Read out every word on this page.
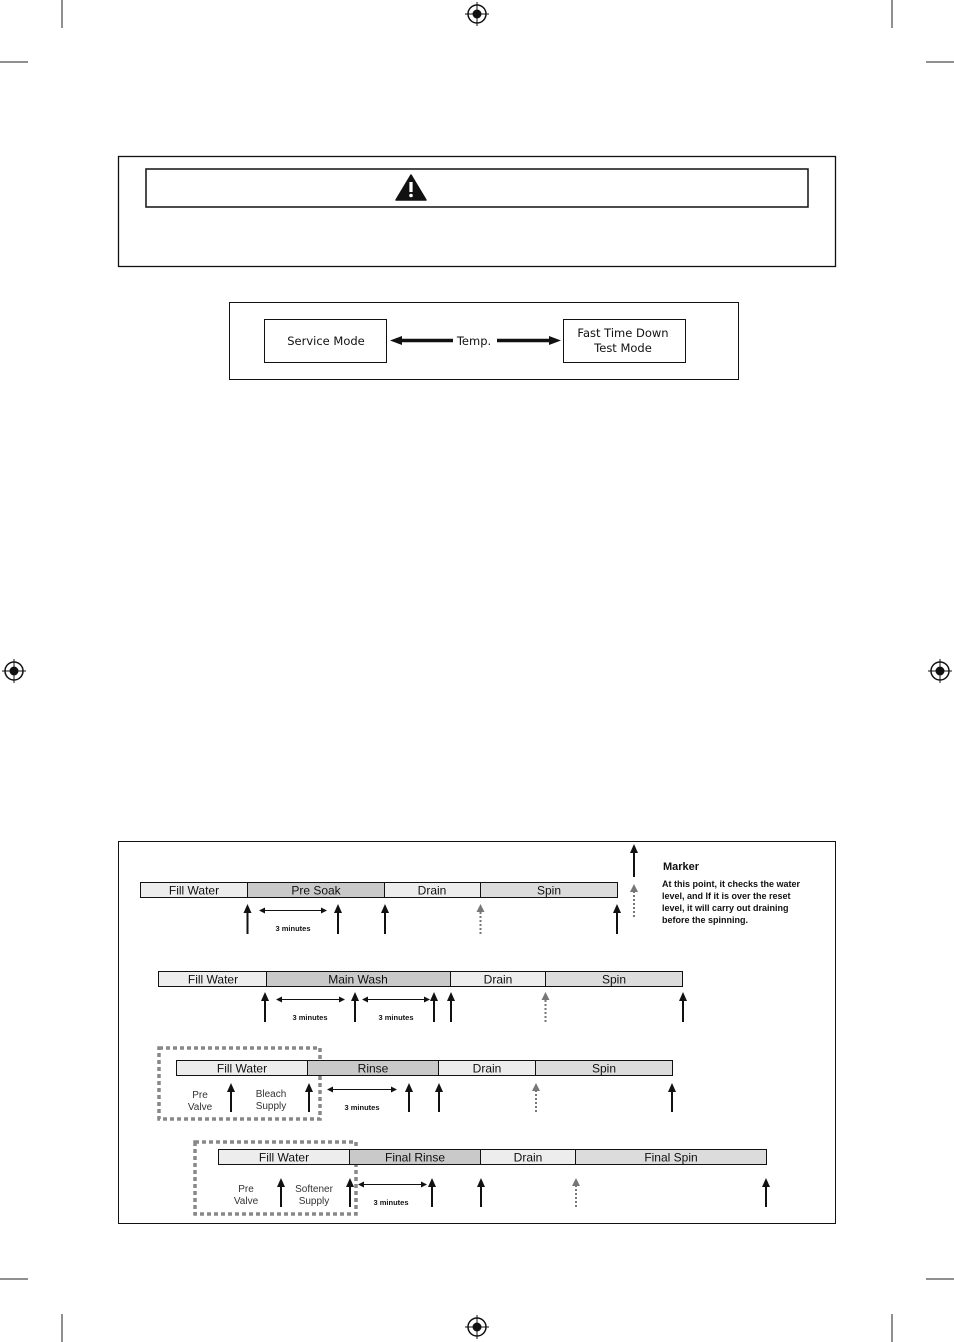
Service Mode
Fast Time Down
Test Mode
Temp.
Marker
At this point, it checks the water
level, and If it is over the reset
level, it will carry out draining
before the spinning.
Fill Water	Pre Soak	Drain	Spin
3 minutes
Fill Water	Main Wash	Drain	Spin
3 minutes	3 minutes
Fill Water	Rinse	Drain	Spin
Pre
Valve
Bleach
Supply	3 minutes
Fill Water	Final Rinse	Drain	Final Spin
Pre
Valve
Softener
Supply	3 minutes
